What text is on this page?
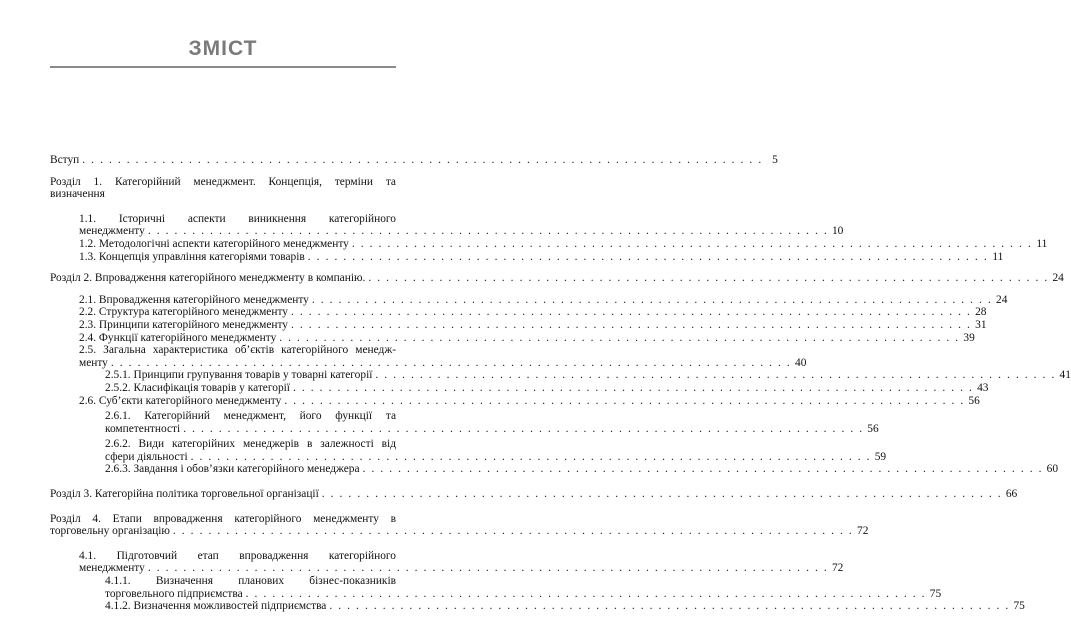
ЗМІСТ
Вступ . . .	5
Розділ 1. Категорійний менеджмент. Концепція, терміни та
визначення
1.1. Історичні аспекти виникнення категорійного
менеджменту . . .	10
1.2. Методологічні аспекти категорійного менеджменту . . .	11
1.3. Концепція управління категоріями товарів . . .	11
Розділ 2. Впровадження категорійного менеджменту в компанію. . . .	24
2.1. Впровадження категорійного менеджменту . . .	24
2.2. Структура категорійного менеджменту . . .	28
2.3. Принципи категорійного менеджменту . . .	31
2.4. Функції категорійного менеджменту . . .	39
2.5. Загальна характеристика об’єктів категорійного менедж-
менту . . .	40
2.5.1. Принципи групування товарів у товарні категорії . . .	41
2.5.2. Класифікація товарів у категорії . . .	43
2.6. Суб’єкти категорійного менеджменту . . .	56
2.6.1. Категорійний менеджмент, його функції та
компетентності . . .	56
2.6.2. Види категорійних менеджерів в залежності від
сфери діяльності . . .	59
2.6.3. Завдання і обов’язки категорійного менеджера . . .	60
Розділ 3. Категорійна політика торговельної організації . . .	66
Розділ 4. Етапи впровадження категорійного менеджменту в
торговельну організацію . . .	72
4.1. Підготовчий етап впровадження категорійного
менеджменту . . .	72
4.1.1. Визначення планових бізнес-показників
торговельного підприємства . . .	75
4.1.2. Визначення можливостей підприємства . . .	75
